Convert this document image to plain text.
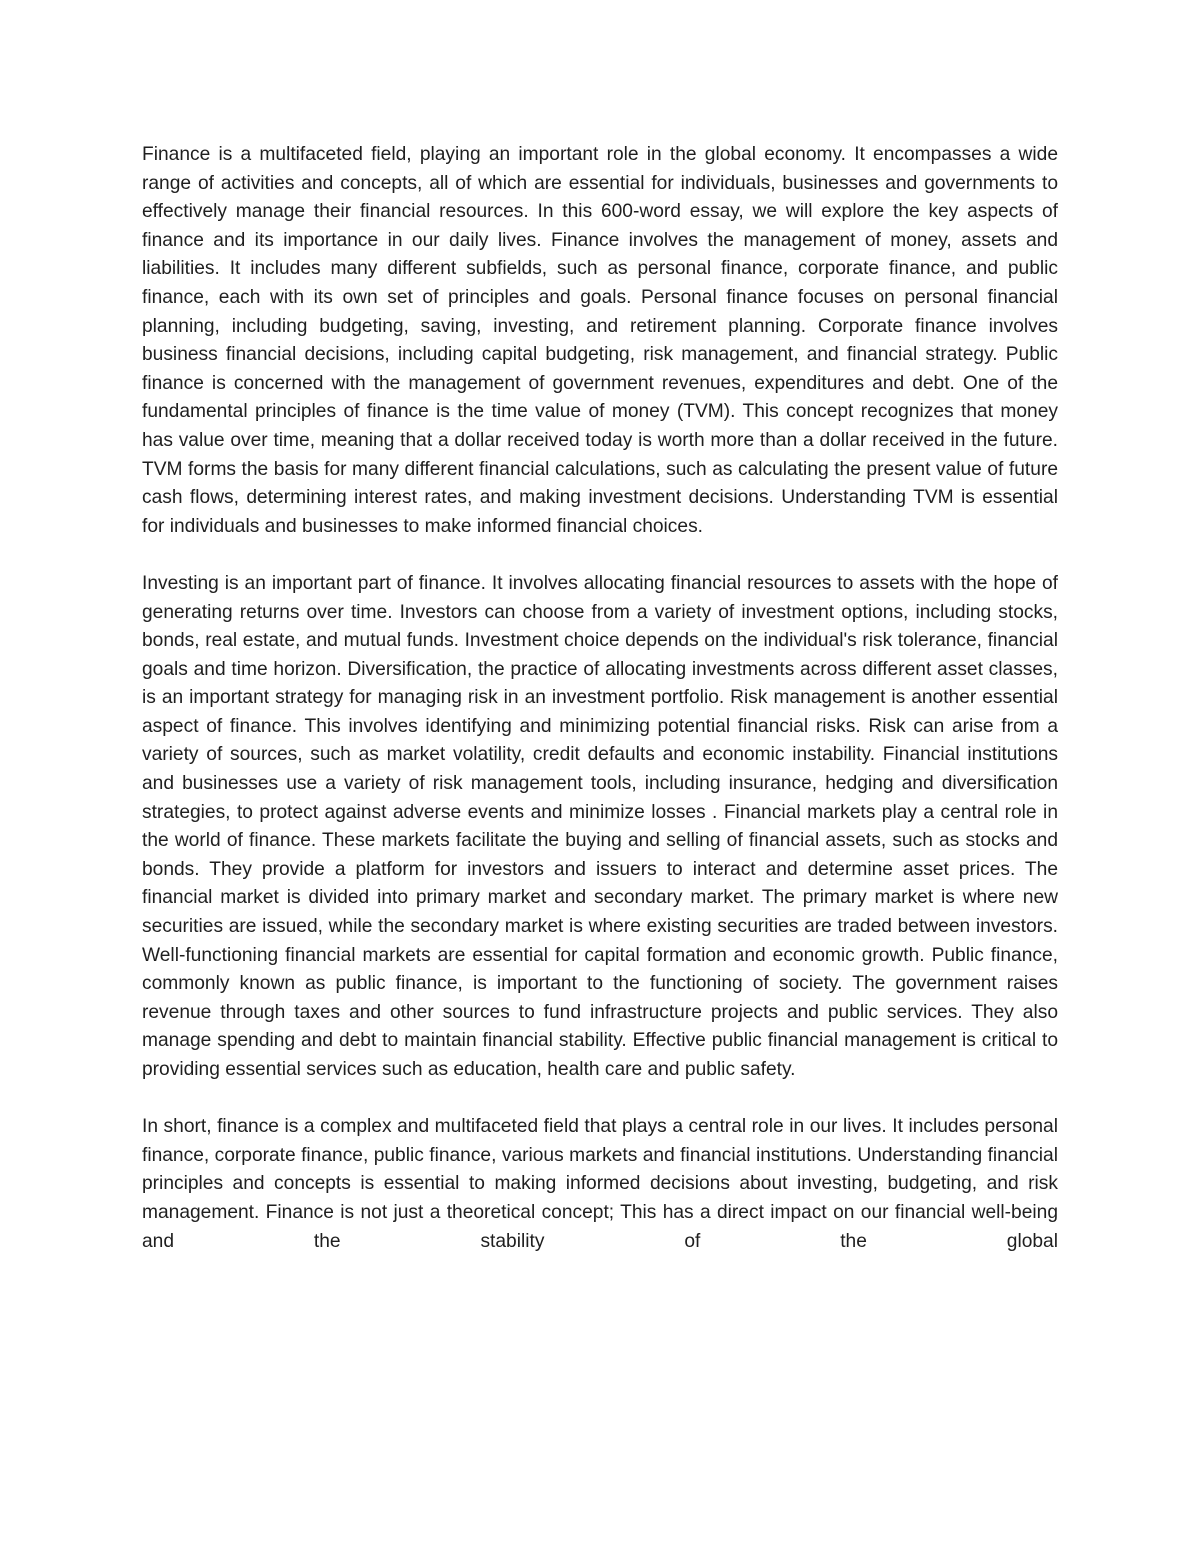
Finance is a multifaceted field, playing an important role in the global economy. It encompasses a wide range of activities and concepts, all of which are essential for individuals, businesses and governments to effectively manage their financial resources. In this 600-word essay, we will explore the key aspects of finance and its importance in our daily lives. Finance involves the management of money, assets and liabilities. It includes many different subfields, such as personal finance, corporate finance, and public finance, each with its own set of principles and goals. Personal finance focuses on personal financial planning, including budgeting, saving, investing, and retirement planning. Corporate finance involves business financial decisions, including capital budgeting, risk management, and financial strategy. Public finance is concerned with the management of government revenues, expenditures and debt. One of the fundamental principles of finance is the time value of money (TVM). This concept recognizes that money has value over time, meaning that a dollar received today is worth more than a dollar received in the future. TVM forms the basis for many different financial calculations, such as calculating the present value of future cash flows, determining interest rates, and making investment decisions. Understanding TVM is essential for individuals and businesses to make informed financial choices.

Investing is an important part of finance. It involves allocating financial resources to assets with the hope of generating returns over time. Investors can choose from a variety of investment options, including stocks, bonds, real estate, and mutual funds. Investment choice depends on the individual's risk tolerance, financial goals and time horizon. Diversification, the practice of allocating investments across different asset classes, is an important strategy for managing risk in an investment portfolio. Risk management is another essential aspect of finance. This involves identifying and minimizing potential financial risks. Risk can arise from a variety of sources, such as market volatility, credit defaults and economic instability. Financial institutions and businesses use a variety of risk management tools, including insurance, hedging and diversification strategies, to protect against adverse events and minimize losses . Financial markets play a central role in the world of finance. These markets facilitate the buying and selling of financial assets, such as stocks and bonds. They provide a platform for investors and issuers to interact and determine asset prices. The financial market is divided into primary market and secondary market. The primary market is where new securities are issued, while the secondary market is where existing securities are traded between investors. Well-functioning financial markets are essential for capital formation and economic growth. Public finance, commonly known as public finance, is important to the functioning of society. The government raises revenue through taxes and other sources to fund infrastructure projects and public services. They also manage spending and debt to maintain financial stability. Effective public financial management is critical to providing essential services such as education, health care and public safety.

In short, finance is a complex and multifaceted field that plays a central role in our lives. It includes personal finance, corporate finance, public finance, various markets and financial institutions. Understanding financial principles and concepts is essential to making informed decisions about investing, budgeting, and risk management. Finance is not just a theoretical concept; This has a direct impact on our financial well-being and the stability of the global
